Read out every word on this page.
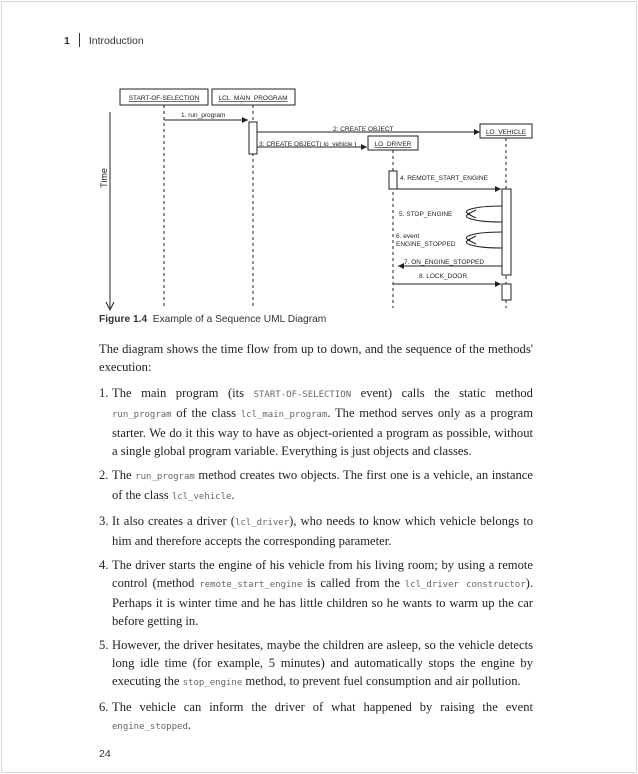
1 Introduction
Time
START-OF-SELECTION	LCL_MAIN_PROGRAM
LO_DRIVER
LO_VEHICLE
1. run_program
2: CREATE OBJECT
3: CREATE OBJECT( lo_vehicle )
4. REMOTE_START_ENGINE
5. STOP_ENGINE
6. event
ENGINE_STOPPED
7. ON_ENGINE_STOPPED
8. LOCK_DOOR
Figure 1.4 Example of a Sequence UML Diagram

The diagram shows the time flow from up to down, and the sequence of the methods' execution:

1. The main program (its START-OF-SELECTION event) calls the static method run_program of the class lcl_main_program. The method serves only as a program starter. We do it this way to have as object-oriented a program as possible, without a single global program variable. Everything is just objects and classes.
2. The run_program method creates two objects. The first one is a vehicle, an instance of the class lcl_vehicle.
3. It also creates a driver (lcl_driver), who needs to know which vehicle belongs to him and therefore accepts the corresponding parameter.
4. The driver starts the engine of his vehicle from his living room; by using a remote control (method remote_start_engine is called from the lcl_driver constructor). Perhaps it is winter time and he has little children so he wants to warm up the car before getting in.
5. However, the driver hesitates, maybe the children are asleep, so the vehicle detects long idle time (for example, 5 minutes) and automatically stops the engine by executing the stop_engine method, to prevent fuel consumption and air pollution.
6. The vehicle can inform the driver of what happened by raising the event engine_stopped.
24
